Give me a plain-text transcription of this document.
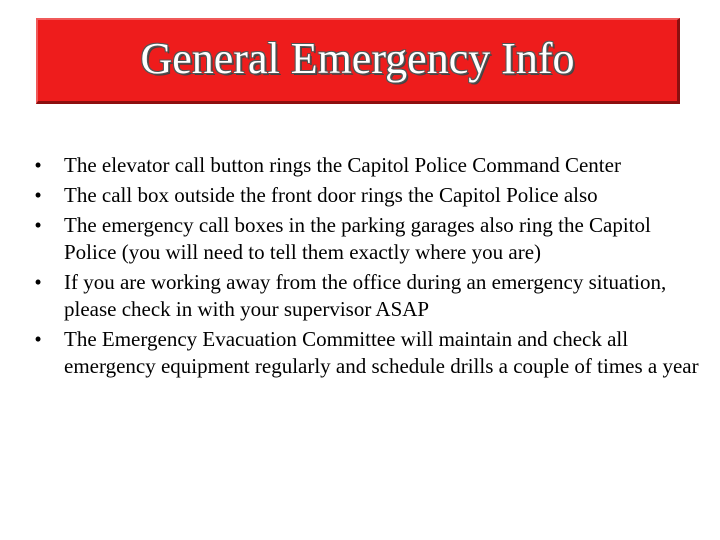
General Emergency Info
•	The elevator call button rings the Capitol Police Command Center
•	The call box outside the front door rings the Capitol Police also
•	The emergency call boxes in the parking garages also ring the Capitol Police (you will need to tell them exactly where you are)
•	If you are working away from the office during an emergency situation, please check in with your supervisor ASAP
•	The Emergency Evacuation Committee will maintain and check all emergency equipment regularly and schedule drills a couple of times a year
